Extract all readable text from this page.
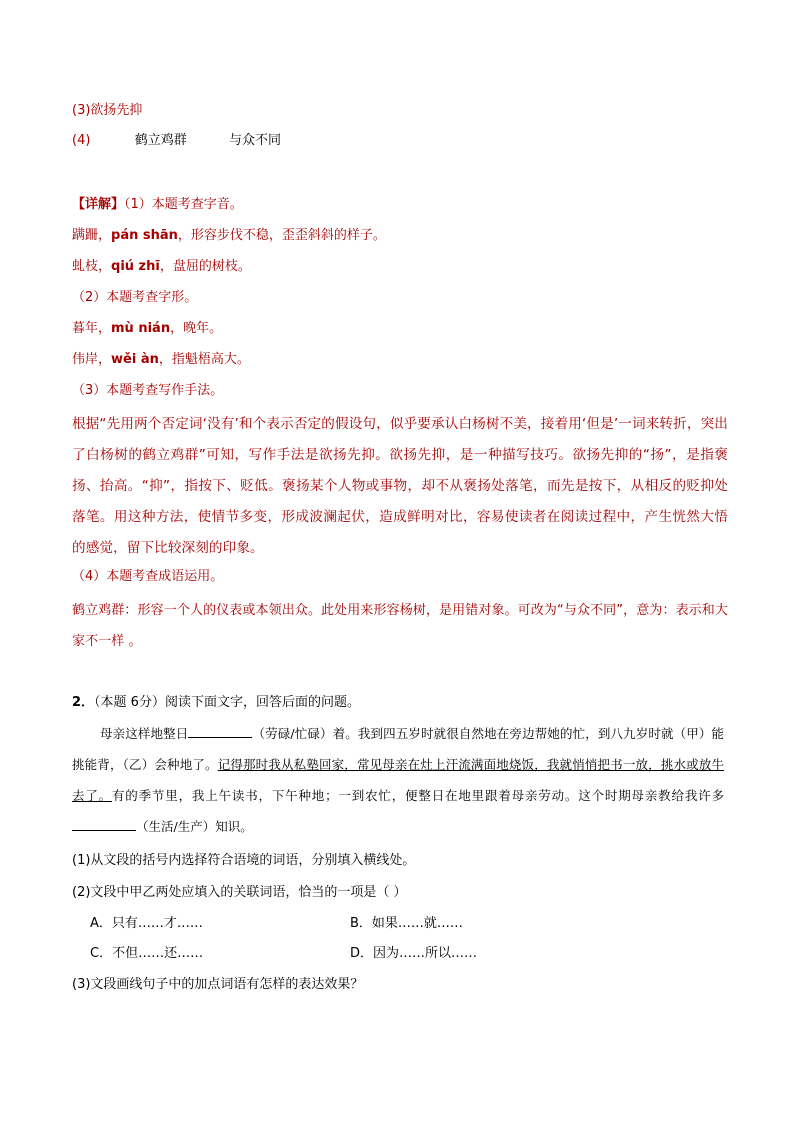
(3)欲扬先抑
(4)	鹤立鸡群	与众不同
【详解】（1）本题考查字音。
蹒跚，pán shān，形容步伐不稳，歪歪斜斜的样子。
虬枝，qiú zhī，盘屈的树枝。
（2）本题考查字形。
暮年，mù nián，晚年。
伟岸，wěi àn，指魁梧高大。
（3）本题考查写作手法。
根据“先用两个否定词‘没有’和个表示否定的假设句，似乎要承认白杨树不美，接着用‘但是’一词来转折，突出了白杨树的鹤立鸡群”可知，写作手法是欲扬先抑。欲扬先抑，是一种描写技巧。欲扬先抑的“扬”，是指褒扬、抬高。“抑”，指按下、贬低。褒扬某个人物或事物，却不从褒扬处落笔，而先是按下，从相反的贬抑处落笔。用这种方法，使情节多变，形成波澜起伏，造成鲜明对比，容易使读者在阅读过程中，产生恍然大悟的感觉，留下比较深刻的印象。
（4）本题考查成语运用。
鹤立鸡群：形容一个人的仪表或本领出众。此处用来形容杨树，是用错对象。可改为“与众不同”，意为：表示和大家不一样 。
2．（本题 6分）阅读下面文字，回答后面的问题。
母亲这样地整日	（劳碌/忙碌）着。我到四五岁时就很自然地在旁边帮她的忙，到八九岁时就（甲）能挑能背，（乙）会种地了。记得那时我从私塾回家，常见母亲在灶上汗流满面地烧饭，我就悄悄把书一放，挑水或放牛去了。有的季节里，我上午读书，下午种地；一到农忙，便整日在地里跟着母亲劳动。这个时期母亲教给我许多（生活/生产）知识。
(1)从文段的括号内选择符合语境的词语，分别填入横线处。
(2)文段中甲乙两处应填入的关联词语，恰当的一项是（ ）
A．只有……才……	B．如果……就……
C．不但……还……	D．因为……所以……
(3)文段画线句子中的加点词语有怎样的表达效果？
